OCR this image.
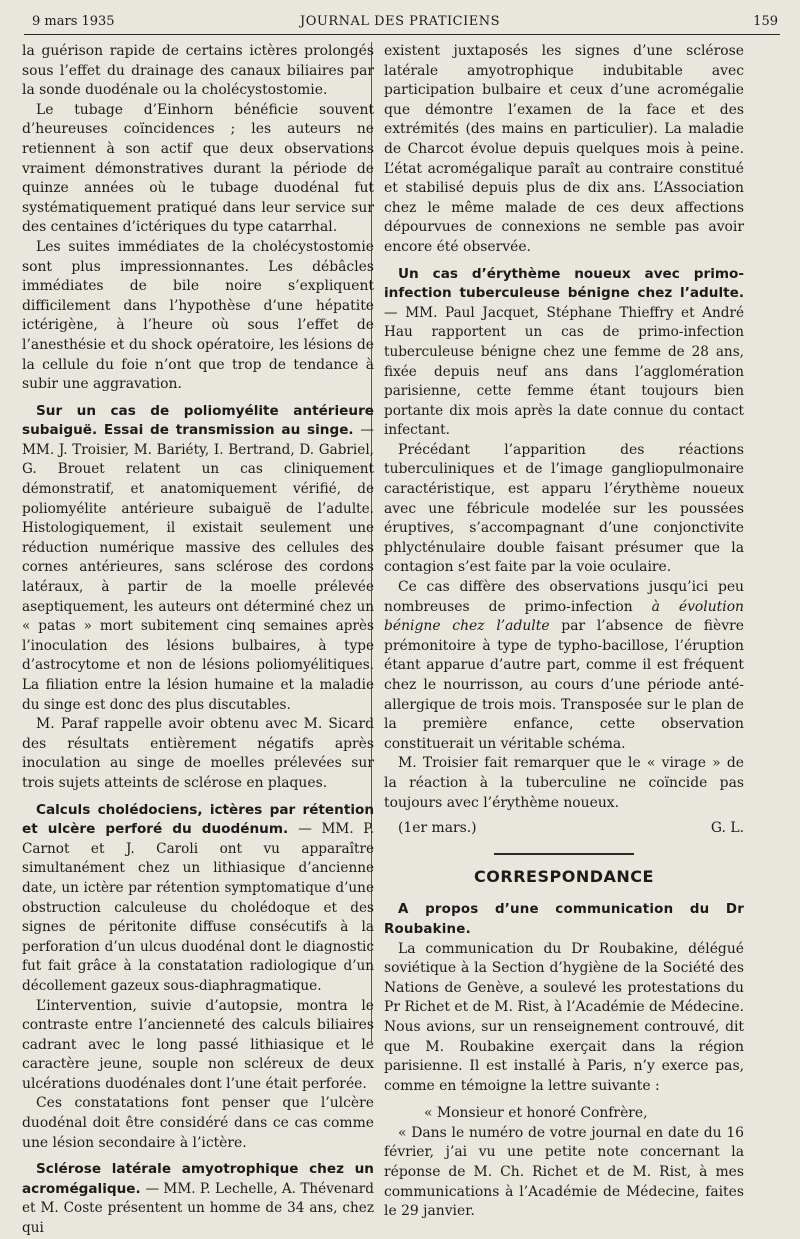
9 mars 1935	JOURNAL DES PRATICIENS	159

la guérison rapide de certains ictères prolongés sous l’effet du drainage des canaux biliaires par la sonde duodénale ou la cholécystostomie.

Le tubage d’Einhorn bénéficie souvent d’heureuses coïncidences ; les auteurs ne retiennent à son actif que deux observations vraiment démonstratives durant la période de quinze années où le tubage duodénal fut systématiquement pratiqué dans leur service sur des centaines d’ictériques du type catarrhal.

Les suites immédiates de la cholécystostomie sont plus impressionnantes. Les débâcles immédiates de bile noire s’expliquent difficilement dans l’hypothèse d’une hépatite ictérigène, à l’heure où sous l’effet de l’anesthésie et du shock opératoire, les lésions de la cellule du foie n’ont que trop de tendance à subir une aggravation.

Sur un cas de poliomyélite antérieure subaiguë. Essai de transmission au singe. — MM. J. Troisier, M. Bariéty, I. Bertrand, D. Gabriel, G. Brouet relatent un cas cliniquement démonstratif, et anatomiquement vérifié, de poliomyélite antérieure subaiguë de l’adulte. Histologiquement, il existait seulement une réduction numérique massive des cellules des cornes antérieures, sans sclérose des cordons latéraux, à partir de la moelle prélevée aseptiquement, les auteurs ont déterminé chez un « patas » mort subitement cinq semaines après l’inoculation des lésions bulbaires, à type d’astrocytome et non de lésions poliomyélitiques. La filiation entre la lésion humaine et la maladie du singe est donc des plus discutables.

M. Paraf rappelle avoir obtenu avec M. Sicard des résultats entièrement négatifs après inoculation au singe de moelles prélevées sur trois sujets atteints de sclérose en plaques.

Calculs cholédociens, ictères par rétention et ulcère perforé du duodénum. — MM. P. Carnot et J. Caroli ont vu apparaître simultanément chez un lithiasique d’ancienne date, un ictère par rétention symptomatique d’une obstruction calculeuse du cholédoque et des signes de péritonite diffuse consécutifs à la perforation d’un ulcus duodénal dont le diagnostic fut fait grâce à la constatation radiologique d’un décollement gazeux sous-diaphragmatique.

L’intervention, suivie d’autopsie, montra le contraste entre l’ancienneté des calculs biliaires cadrant avec le long passé lithiasique et le caractère jeune, souple non scléreux de deux ulcérations duodénales dont l’une était perforée.

Ces constatations font penser que l’ulcère duodénal doit être considéré dans ce cas comme une lésion secondaire à l’ictère.

Sclérose latérale amyotrophique chez un acromégalique. — MM. P. Lechelle, A. Thévenard et M. Coste présentent un homme de 34 ans, chez qui

existent juxtaposés les signes d’une sclérose latérale amyotrophique indubitable avec participation bulbaire et ceux d’une acromégalie que démontre l’examen de la face et des extrémités (des mains en particulier). La maladie de Charcot évolue depuis quelques mois à peine. L’état acromégalique paraît au contraire constitué et stabilisé depuis plus de dix ans. L’Association chez le même malade de ces deux affections dépourvues de connexions ne semble pas avoir encore été observée.

Un cas d’érythème noueux avec primo-infection tuberculeuse bénigne chez l’adulte. — MM. Paul Jacquet, Stéphane Thieffry et André Hau rapportent un cas de primo-infection tuberculeuse bénigne chez une femme de 28 ans, fixée depuis neuf ans dans l’agglomération parisienne, cette femme étant toujours bien portante dix mois après la date connue du contact infectant.

Précédant l’apparition des réactions tuberculiniques et de l’image gangliopulmonaire caractéristique, est apparu l’érythème noueux avec une fébricule modelée sur les poussées éruptives, s’accompagnant d’une conjonctivite phlycténulaire double faisant présumer que la contagion s’est faite par la voie oculaire.

Ce cas diffère des observations jusqu’ici peu nombreuses de primo-infection à évolution bénigne chez l’adulte par l’absence de fièvre prémonitoire à type de typho-bacillose, l’éruption étant apparue d’autre part, comme il est fréquent chez le nourrisson, au cours d’une période anté-allergique de trois mois. Transposée sur le plan de la première enfance, cette observation constituerait un véritable schéma.

M. Troisier fait remarquer que le « virage » de la réaction à la tuberculine ne coïncide pas toujours avec l’érythème noueux.

(1er mars.)	G. L.
CORRESPONDANCE

A propos d’une communication du Dr Roubakine.

La communication du Dr Roubakine, délégué soviétique à la Section d’hygiène de la Société des Nations de Genève, a soulevé les protestations du Pr Richet et de M. Rist, à l’Académie de Médecine. Nous avions, sur un renseignement controuvé, dit que M. Roubakine exerçait dans la région parisienne. Il est installé à Paris, n’y exerce pas, comme en témoigne la lettre suivante :

« Monsieur et honoré Confrère,

« Dans le numéro de votre journal en date du 16 février, j’ai vu une petite note concernant la réponse de M. Ch. Richet et de M. Rist, à mes communications à l’Académie de Médecine, faites le 29 janvier.
